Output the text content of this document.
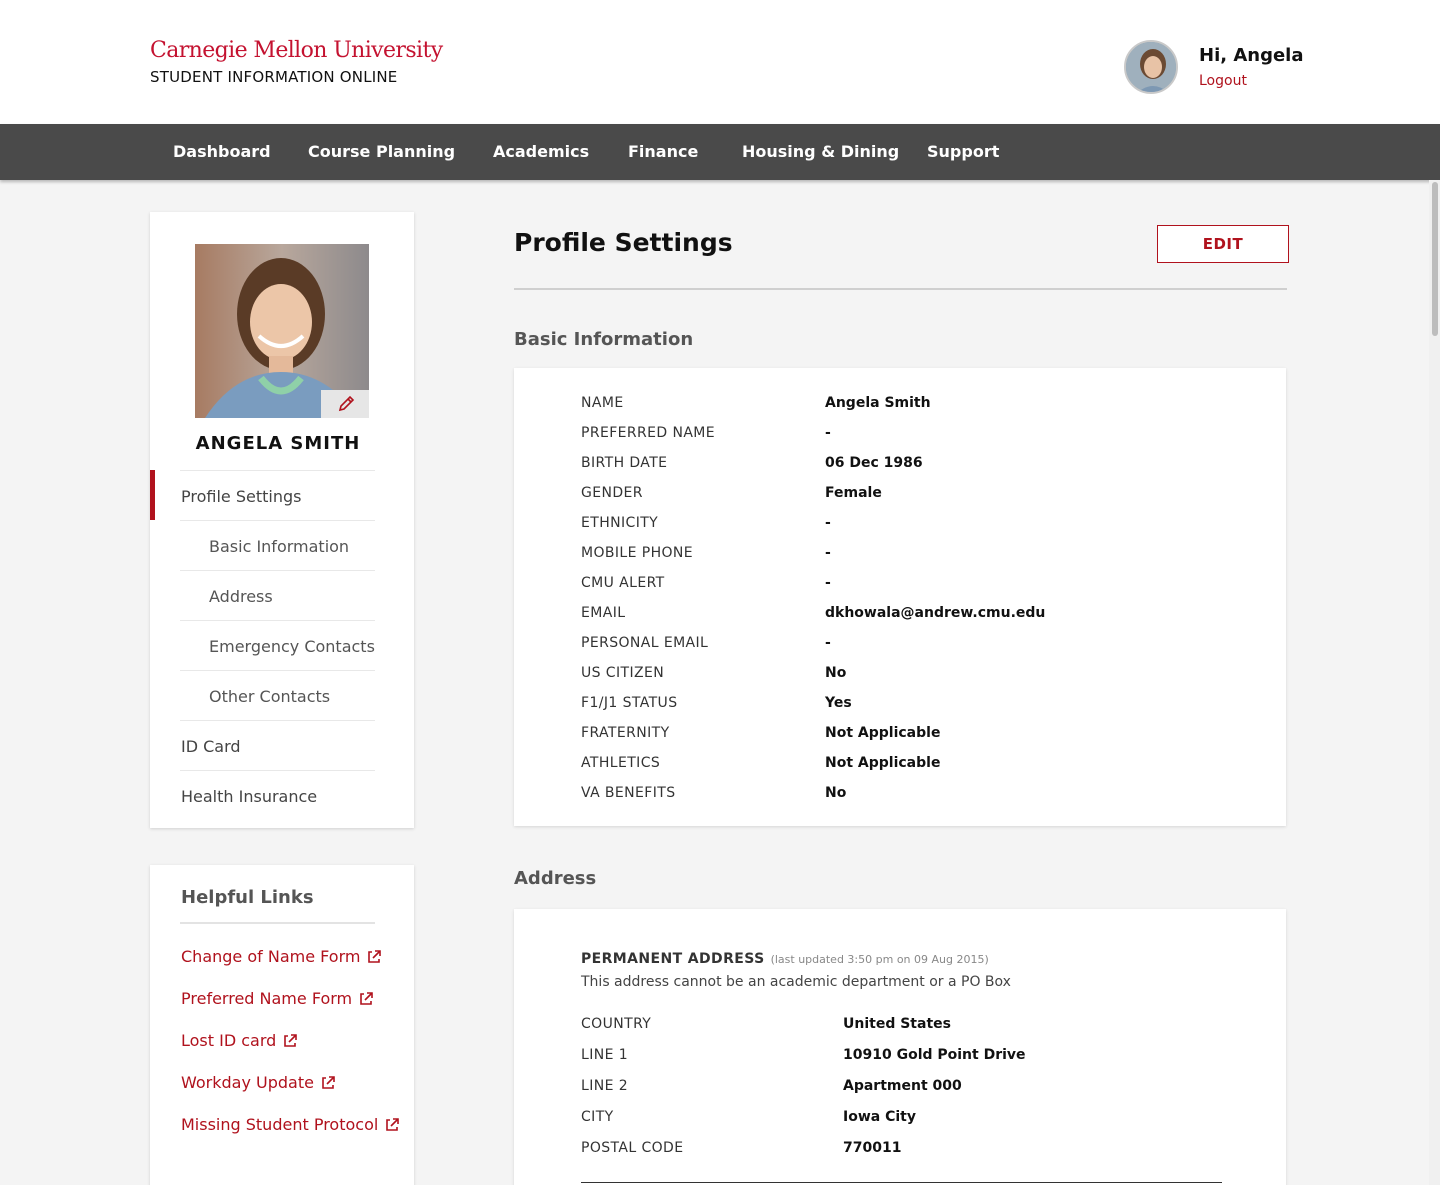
Carnegie Mellon University
STUDENT INFORMATION ONLINE
Hi, Angela
Logout
Dashboard Course Planning Academics Finance	Housing & Dining Support
ANGELA SMITH
Profile Settings
Basic Information
Address
Emergency Contacts
Other Contacts
ID Card
Health Insurance
Helpful Links
Change of Name Form
Preferred Name Form
Lost ID card
Workday Update
Missing Student Protocol
Profile Settings	EDIT
Basic Information
NAME	Angela Smith
PREFERRED NAME	-
BIRTH DATE	06 Dec 1986
GENDER	Female
ETHNICITY	-
MOBILE PHONE	-
CMU ALERT	-
EMAIL	dkhowala@andrew.cmu.edu
PERSONAL EMAIL	-
US CITIZEN	No
F1/J1 STATUS	Yes
FRATERNITY	Not Applicable
ATHLETICS	Not Applicable
VA BENEFITS	No
Address
PERMANENT ADDRESS (last updated 3:50 pm on 09 Aug 2015)
This address cannot be an academic department or a PO Box
COUNTRY	United States
LINE 1	10910 Gold Point Drive
LINE 2	Apartment 000
CITY	Iowa City
POSTAL CODE	770011
